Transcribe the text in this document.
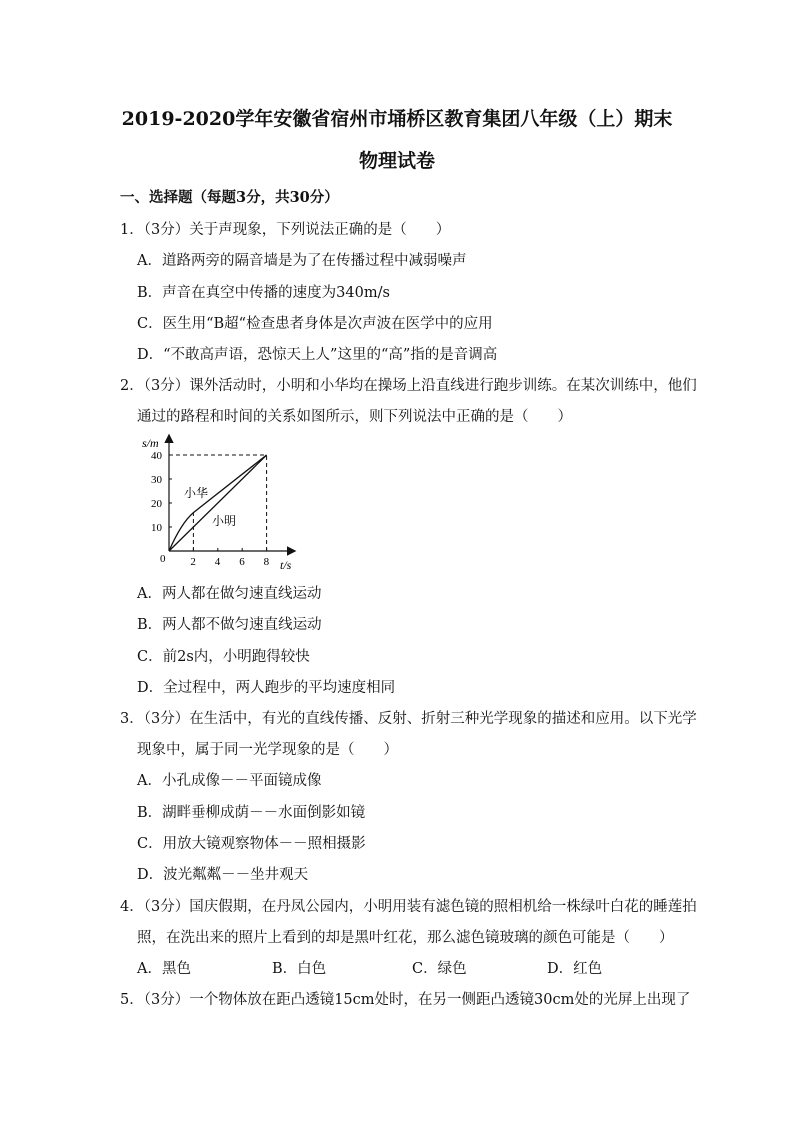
2019-2020学年安徽省宿州市埇桥区教育集团八年级（上）期末
物理试卷
一、选择题（每题3分，共30分）
1．（3分）关于声现象，下列说法正确的是（　　）
A．道路两旁的隔音墙是为了在传播过程中减弱噪声
B．声音在真空中传播的速度为340m/s
C．医生用“B超“检查患者身体是次声波在医学中的应用
D．“不敢高声语，恐惊天上人”这里的“高”指的是音调高
2．（3分）课外活动时，小明和小华均在操场上沿直线进行跑步训练。在某次训练中，他们
通过的路程和时间的关系如图所示，则下列说法中正确的是（　　）
2 4 6 8
10
20
30
40
s/m
t/s
0
小华
小明
A．两人都在做匀速直线运动
B．两人都不做匀速直线运动
C．前2s内，小明跑得较快
D．全过程中，两人跑步的平均速度相同
3．（3分）在生活中，有光的直线传播、反射、折射三种光学现象的描述和应用。以下光学
现象中，属于同一光学现象的是（　　）
A．小孔成像－－平面镜成像
B．湖畔垂柳成荫－－水面倒影如镜
C．用放大镜观察物体－－照相摄影
D．波光粼粼－－坐井观天
4．（3分）国庆假期，在丹凤公园内，小明用装有滤色镜的照相机给一株绿叶白花的睡莲拍
照，在洗出来的照片上看到的却是黑叶红花，那么滤色镜玻璃的颜色可能是（　　）
A．黑色	B．白色	C．绿色	D．红色
5．（3分）一个物体放在距凸透镜15cm处时，在另一侧距凸透镜30cm处的光屏上出现了
